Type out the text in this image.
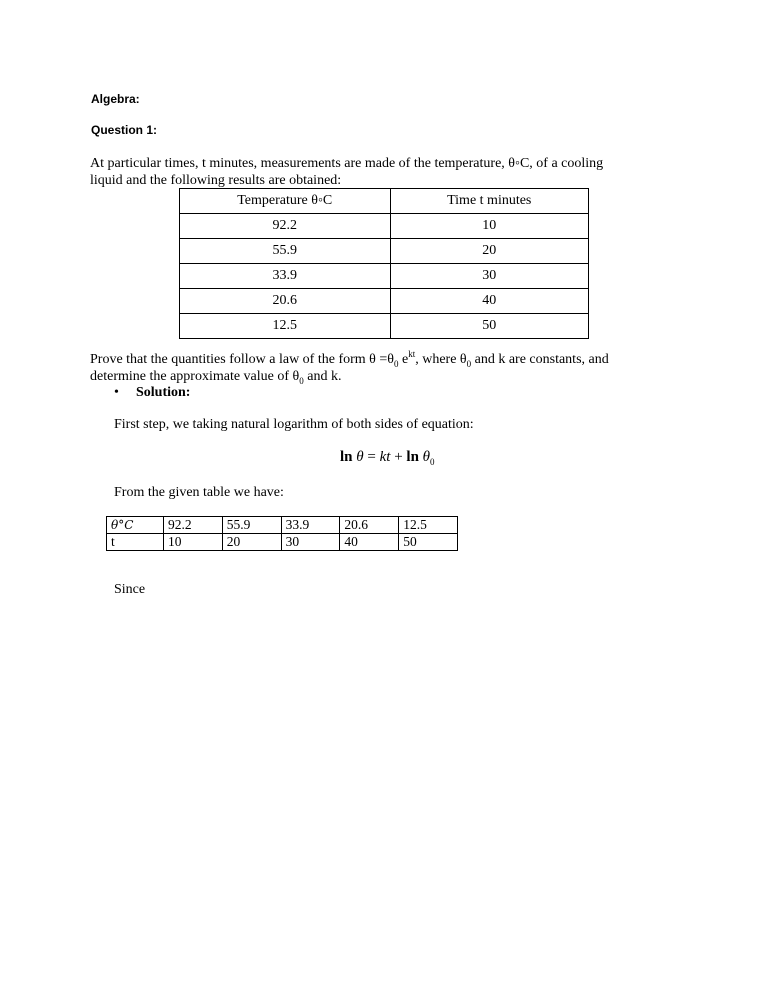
Algebra:
Question 1:
At particular times, t minutes, measurements are made of the temperature, θ◦C, of a cooling
liquid and the following results are obtained:
Temperature θ◦C	Time t minutes
92.2	10
55.9	20
33.9	30
20.6	40
12.5	50
Prove that the quantities follow a law of the form $\theta =\theta_0$ $e^{kt}$, where $\theta_0$ and k are constants, and
determine the approximate value of $\theta_0$ and k.
• Solution:
First step, we taking natural logarithm of both sides of equation:
ln θ = kt + $\ln \theta_0$
From the given table we have:
θ°C	92.2	55.9	33.9	20.6	12.5
t	10	20	30	40	50
Since
